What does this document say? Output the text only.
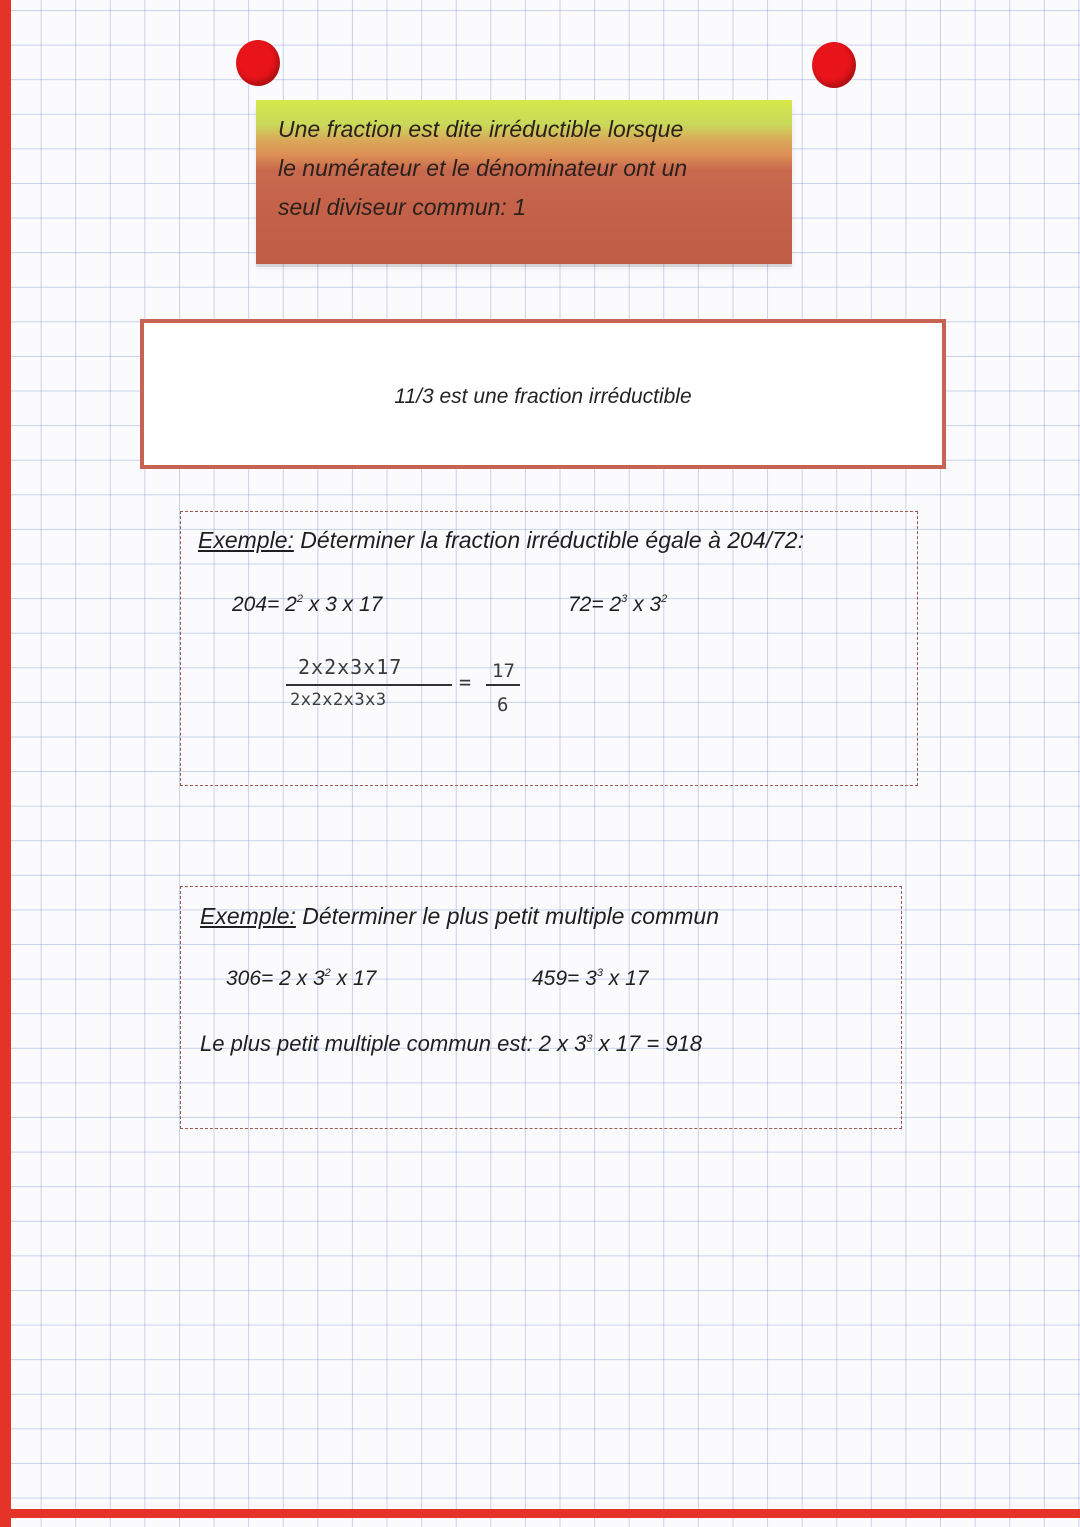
Une fraction est dite irréductible lorsque
le numérateur et le dénominateur ont un
seul diviseur commun: 1
11/3 est une fraction irréductible
Exemple: Déterminer la fraction irréductible égale à 204/72:
$204= 2^2$ x 3 x 17	$72= 2^3$ x $3^2$
2x2x3x17
2x2x2x3x3
= 17
6
Exemple: Déterminer le plus petit multiple commun
306= 2 x $3^2$ x 17	$459= 3^3$ x 17
Le plus petit multiple commun est: 2 x $3^3$ x 17 = 918
